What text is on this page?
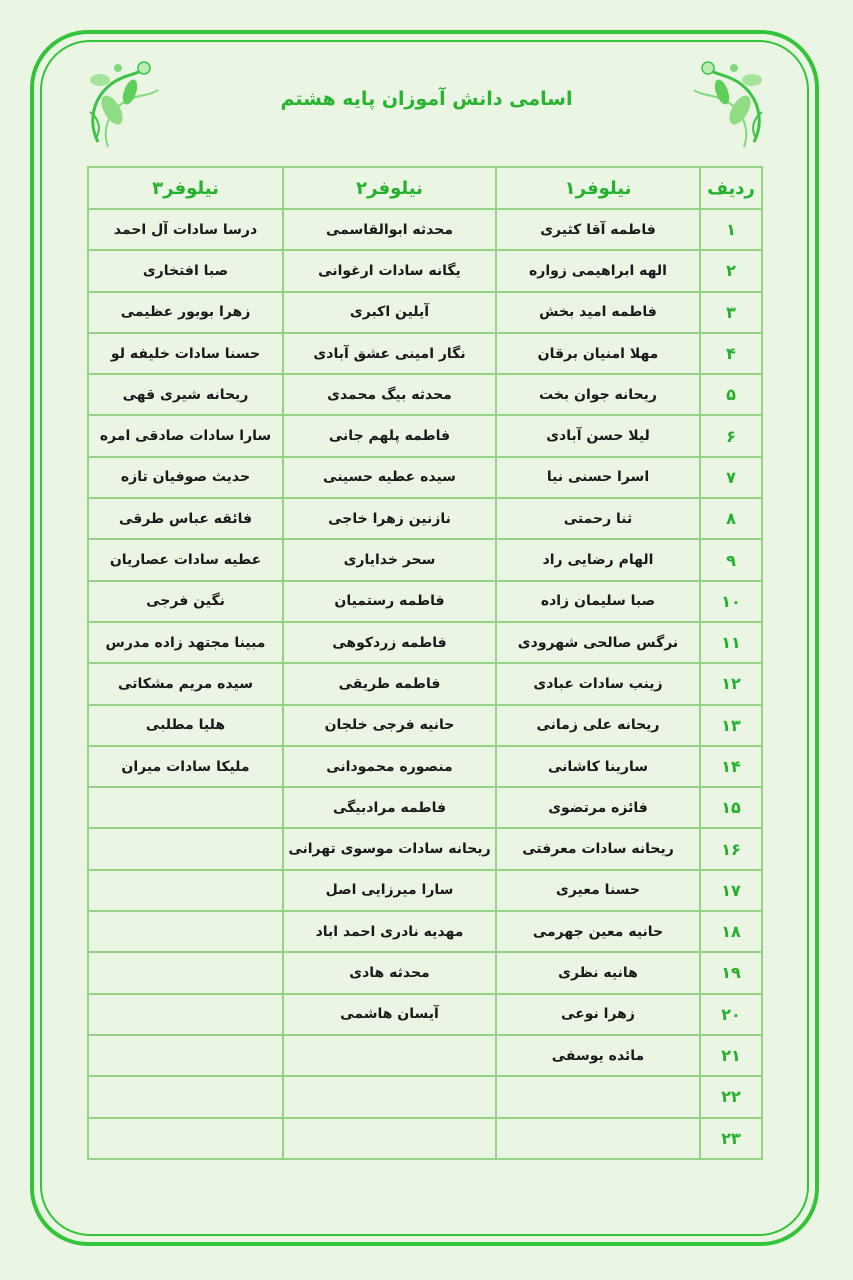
اسامی دانش آموزان پایه هشتم
ردیف	نیلوفر۱	نیلوفر۲	نیلوفر۳
۱	فاطمه آقا کثیری	محدثه ابوالقاسمی	درسا سادات آل احمد
۲	الهه ابراهیمی زواره	یگانه سادات ارغوانی	صبا افتخاری
۳	فاطمه امید بخش	آیلین اکبری	زهرا بوبور عظیمی
۴	مهلا امنیان برقان	نگار امینی عشق آبادی	حسنا سادات خلیفه لو
۵	ریحانه جوان بخت	محدثه بیگ محمدی	ریحانه شیری قهی
۶	لیلا حسن آبادی	فاطمه پلهم جانی	سارا سادات صادقی امره
۷	اسرا حسنی نیا	سیده عطیه حسینی	حدیث صوفیان تازه
۸	ثنا رحمتی	نازنین زهرا خاجی	فائقه عباس طرقی
۹	الهام رضایی راد	سحر خدایاری	عطیه سادات عصاریان
۱۰	صبا سلیمان زاده	فاطمه رستمیان	نگین فرجی
۱۱	نرگس صالحی شهرودی	فاطمه زردکوهی	مبینا مجتهد زاده مدرس
۱۲	زینب سادات عبادی	فاطمه طریقی	سیده مریم مشکاتی
۱۳	ریحانه علی زمانی	حانیه فرجی خلجان	هلیا مطلبی
۱۴	سارینا کاشانی	منصوره محمودانی	ملیکا سادات میران
۱۵	فائزه مرتضوی	فاطمه مرادبیگی	
۱۶	ریحانه سادات معرفتی	ریحانه سادات موسوی تهرانی	
۱۷	حسنا معیری	سارا میرزایی اصل	
۱۸	حانیه معین جهرمی	مهدیه نادری احمد اباد	
۱۹	هانیه نظری	محدثه هادی	
۲۰	زهرا نوعی	آیسان هاشمی	
۲۱	مائده یوسفی		
۲۲			
۲۳			
